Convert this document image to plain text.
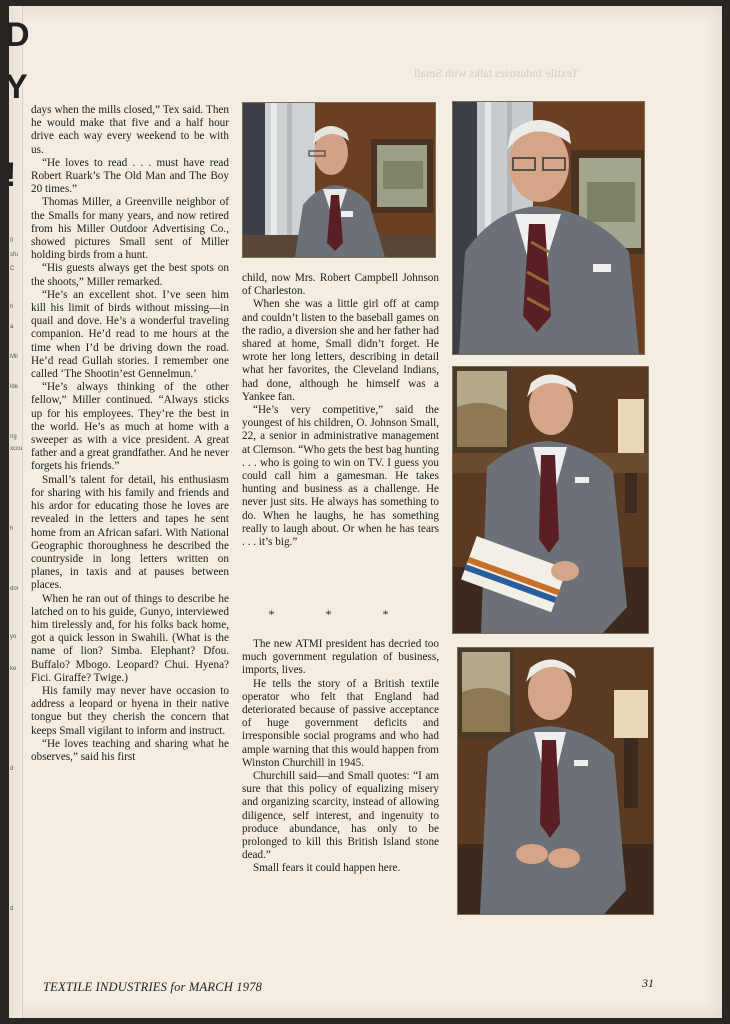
D
Y
!
0
sfu
C
h
a
Mil
lde
ng
xccu
h
dor
yo
ke
d
d
Textile Industries talks with Small

days when the mills closed,” Tex said. Then he would make that five and a half hour drive each way every weekend to be with us.

“He loves to read . . . must have read Robert Ruark’s The Old Man and The Boy 20 times.”

Thomas Miller, a Greenville neighbor of the Smalls for many years, and now retired from his Miller Outdoor Advertising Co., showed pictures Small sent of Miller holding birds from a hunt.

“His guests always get the best spots on the shoots,” Miller remarked.

“He’s an excellent shot. I’ve seen him kill his limit of birds without missing—in quail and dove. He’s a wonderful traveling companion. He’d read to me hours at the time when I’d be driving down the road. He’d read Gullah stories. I remember one called ‘The Shootin’est Gennelmun.’

“He’s always thinking of the other fellow,” Miller continued. “Always sticks up for his employees. They’re the best in the world. He’s as much at home with a sweeper as with a vice president. A great father and a great grandfather. And he never forgets his friends.”

Small’s talent for detail, his enthusiasm for sharing with his family and friends and his ardor for educating those he loves are revealed in the letters and tapes he sent home from an African safari. With National Geographic thoroughness he described the countryside in long letters written on planes, in taxis and at pauses between places.

When he ran out of things to describe he latched on to his guide, Gunyo, interviewed him tirelessly and, for his folks back home, got a quick lesson in Swahili. (What is the name of lion? Simba. Elephant? Dfou. Buffalo? Mbogo. Leopard? Chui. Hyena? Fici. Giraffe? Twige.)

His family may never have occasion to address a leopard or hyena in their native tongue but they cherish the concern that keeps Small vigilant to inform and instruct.

“He loves teaching and sharing what he observes,” said his first

child, now Mrs. Robert Campbell Johnson of Charleston.

When she was a little girl off at camp and couldn’t listen to the baseball games on the radio, a diversion she and her father had shared at home, Small didn’t forget. He wrote her long letters, describing in detail what her favorites, the Cleveland Indians, had done, although he himself was a Yankee fan.

“He’s very competitive,” said the youngest of his children, O. Johnson Small, 22, a senior in administrative management at Clemson. “Who gets the best bag hunting . . . who is going to win on TV. I guess you could call him a gamesman. He takes hunting and business as a challenge. He never just sits. He always has something to do. When he laughs, he has something really to laugh about. Or when he has tears . . . it’s big.”

* * *

The new ATMI president has decried too much government regulation of business, imports, lives.

He tells the story of a British textile operator who felt that England had deteriorated because of passive acceptance of huge government deficits and irresponsible social programs and who had ample warning that this would happen from Winston Churchill in 1945.

Churchill said—and Small quotes: “I am sure that this policy of equalizing misery and organizing scarcity, instead of allowing diligence, self interest, and ingenuity to produce abundance, has only to be prolonged to kill this British Island stone dead.”

Small fears it could happen here.

TEXTILE INDUSTRIES for MARCH 1978	31
